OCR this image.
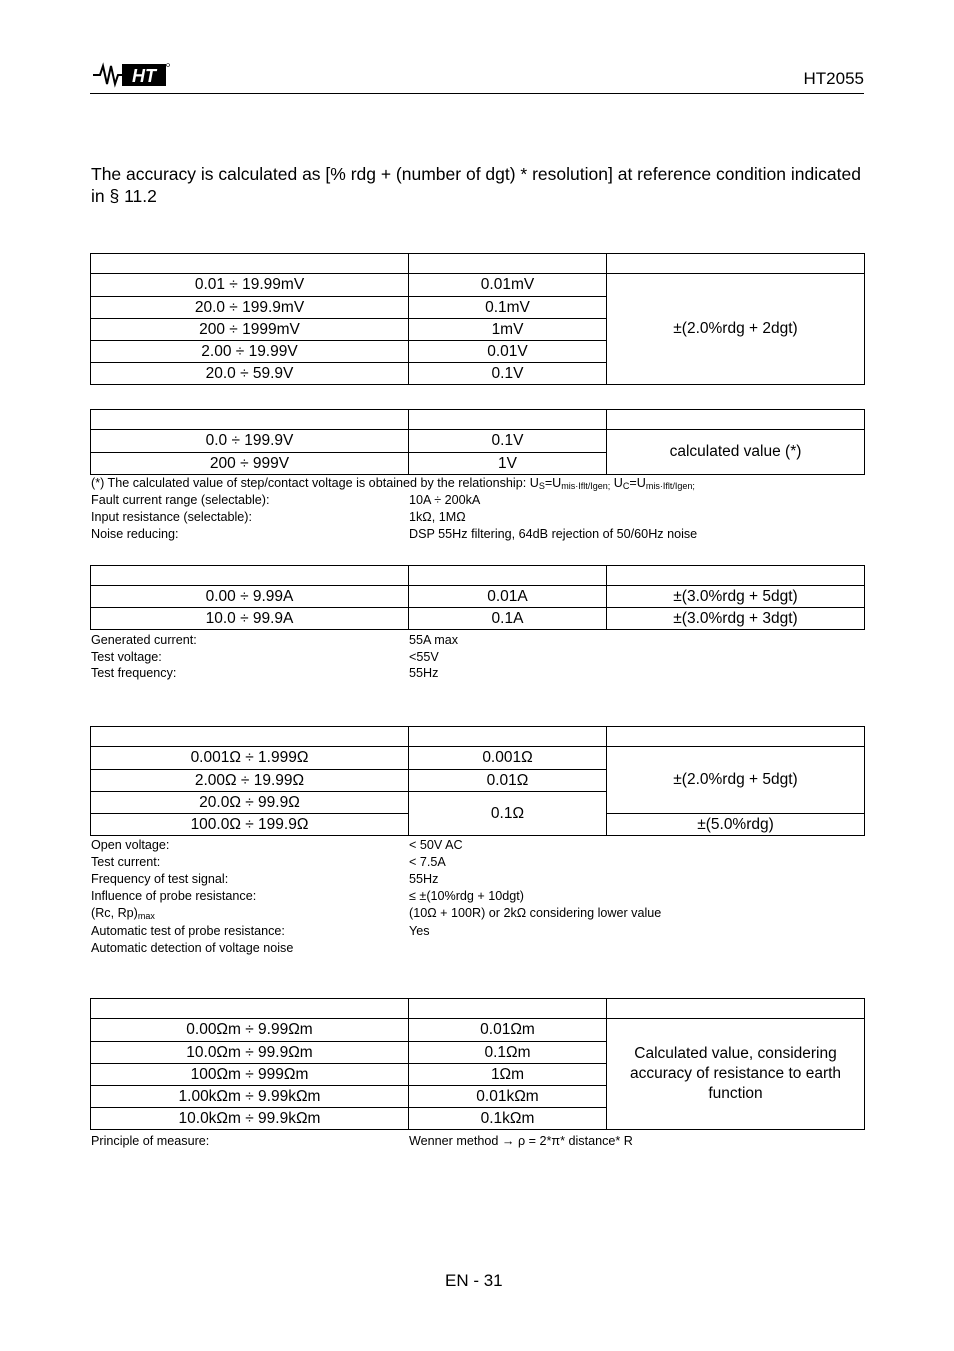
HT	HT2055
The accuracy is calculated as [% rdg + (number of dgt) * resolution] at reference condition indicated in § 11.2

0.01 ÷ 19.99mV	0.01mV	±(2.0%rdg + 2dgt)
20.0 ÷ 199.9mV	0.1mV	
200 ÷ 1999mV	1mV	
2.00 ÷ 19.99V	0.01V	
20.0 ÷ 59.9V	0.1V	

0.0 ÷ 199.9V	0.1V	calculated value (*)
200 ÷ 999V	1V	
(*) The calculated value of step/contact voltage is obtained by the relationship: $U_S=U_{mis\cdot Iflt/Igen;}$ $U_C=U_{mis\cdot Iflt/Igen;}$
Fault current range (selectable):	10A ÷ 200kA
Input resistance (selectable):	1kΩ, 1MΩ
Noise reducing:	DSP 55Hz filtering, 64dB rejection of 50/60Hz noise

0.00 ÷ 9.99A	0.01A	±(3.0%rdg + 5dgt)
10.0 ÷ 99.9A	0.1A	±(3.0%rdg + 3dgt)
Generated current:	55A max
Test voltage:	<55V
Test frequency:	55Hz

0.001Ω ÷ 1.999Ω	0.001Ω	±(2.0%rdg + 5dgt)
2.00Ω ÷ 19.99Ω	0.01Ω	
20.0Ω ÷ 99.9Ω	0.1Ω	
100.0Ω ÷ 199.9Ω		±(5.0%rdg)
Open voltage:	< 50V AC
Test current:	< 7.5A
Frequency of test signal:	55Hz
Influence of probe resistance:	≤ ±(10%rdg + 10dgt)
(Rc, $Rp)_{max}$	(10Ω + 100R) or 2kΩ considering lower value
Automatic test of probe resistance:	Yes
Automatic detection of voltage noise

0.00Ωm ÷ 9.99Ωm	0.01Ωm	Calculated value, considering accuracy of resistance to earth function
10.0Ωm ÷ 99.9Ωm	0.1Ωm	
100Ωm ÷ 999Ωm	1Ωm	
1.00kΩm ÷ 9.99kΩm	0.01kΩm	
10.0kΩm ÷ 99.9kΩm	0.1kΩm	
Principle of measure:	Wenner method → ρ = 2*π* distance* R
EN - 31
